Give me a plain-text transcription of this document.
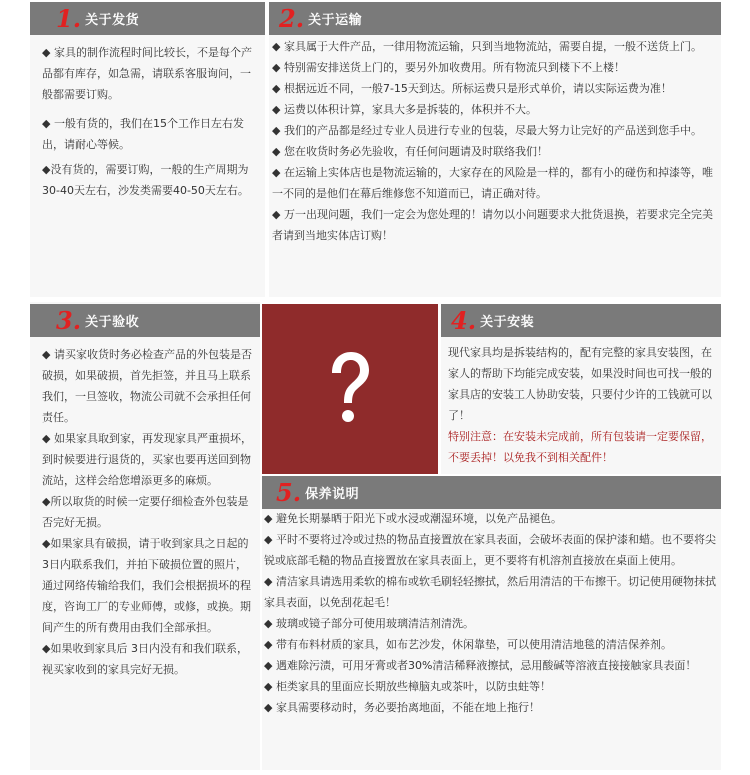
1. 关于发货

◆ 家具的制作流程时间比较长，不是每个产品都有库存，如急需，请联系客服询问，一般都需要订购。

◆ 一般有货的，我们在15个工作日左右发出，请耐心等候。

◆没有货的，需要订购，一般的生产周期为30-40天左右，沙发类需要40-50天左右。

2. 关于运输

◆ 家具属于大件产品，一律用物流运输，只到当地物流站，需要自提，一般不送货上门。

◆ 特别需安排送货上门的，要另外加收费用。所有物流只到楼下不上楼！

◆ 根据远近不同，一般7-15天到达。所标运费只是形式单价，请以实际运费为准！

◆ 运费以体积计算，家具大多是拆装的，体积并不大。

◆ 我们的产品都是经过专业人员进行专业的包装，尽最大努力让完好的产品送到您手中。

◆ 您在收货时务必先验收，有任何问题请及时联络我们！

◆ 在运输上实体店也是物流运输的，大家存在的风险是一样的，都有小的碰伤和掉漆等，唯一不同的是他们在幕后维修您不知道而已，请正确对待。

◆ 万一出现问题，我们一定会为您处理的！请勿以小问题要求大批货退换，若要求完全完美者请到当地实体店订购！

3. 关于验收

◆ 请买家收货时务必检查产品的外包装是否破损，如果破损，首先拒签，并且马上联系我们，一旦签收，物流公司就不会承担任何责任。

◆ 如果家具取到家，再发现家具严重损坏，到时候要进行退货的，买家也要再送回到物流站，这样会给您增添更多的麻烦。

◆所以取货的时候一定要仔细检查外包装是否完好无损。

◆如果家具有破损，请于收到家具之日起的 3日内联系我们，并拍下破损位置的照片，通过网络传输给我们，我们会根据损坏的程度，咨询工厂的专业师傅，或修，或换。期间产生的所有费用由我们全部承担。

◆如果收到家具后 3日内没有和我们联系，视买家收到的家具完好无损。

4. 关于安装

现代家具均是拆装结构的，配有完整的家具安装图，在家人的帮助下均能完成安装，如果没时间也可找一般的家具店的安装工人协助安装，只要付少许的工钱就可以了！

特别注意：在安装未完成前，所有包装请一定要保留，不要丢掉！以免我不到相关配件！

5. 保养说明

◆ 避免长期暴晒于阳光下或水浸或潮湿环境，以免产品褪色。

◆ 平时不要将过冷或过热的物品直接置放在家具表面，会破坏表面的保护漆和蜡。也不要将尖锐或底部毛糙的物品直接置放在家具表面上，更不要将有机溶剂直接放在桌面上使用。

◆ 清洁家具请选用柔软的棉布或软毛刷轻轻擦拭，然后用清洁的干布擦干。切记使用硬物抹拭家具表面，以免刮花起毛！

◆ 玻璃或镜子部分可使用玻璃清洁剂清洗。

◆ 带有布料材质的家具，如布艺沙发，休闲靠垫，可以使用清洁地毯的清洁保养剂。

◆ 遇难除污渍，可用牙膏或者30%清洁稀释液擦拭，忌用酸碱等溶液直接接触家具表面！

◆ 柜类家具的里面应长期放些樟脑丸或茶叶，以防虫蛀等！

◆ 家具需要移动时，务必要抬离地面，不能在地上拖行！
